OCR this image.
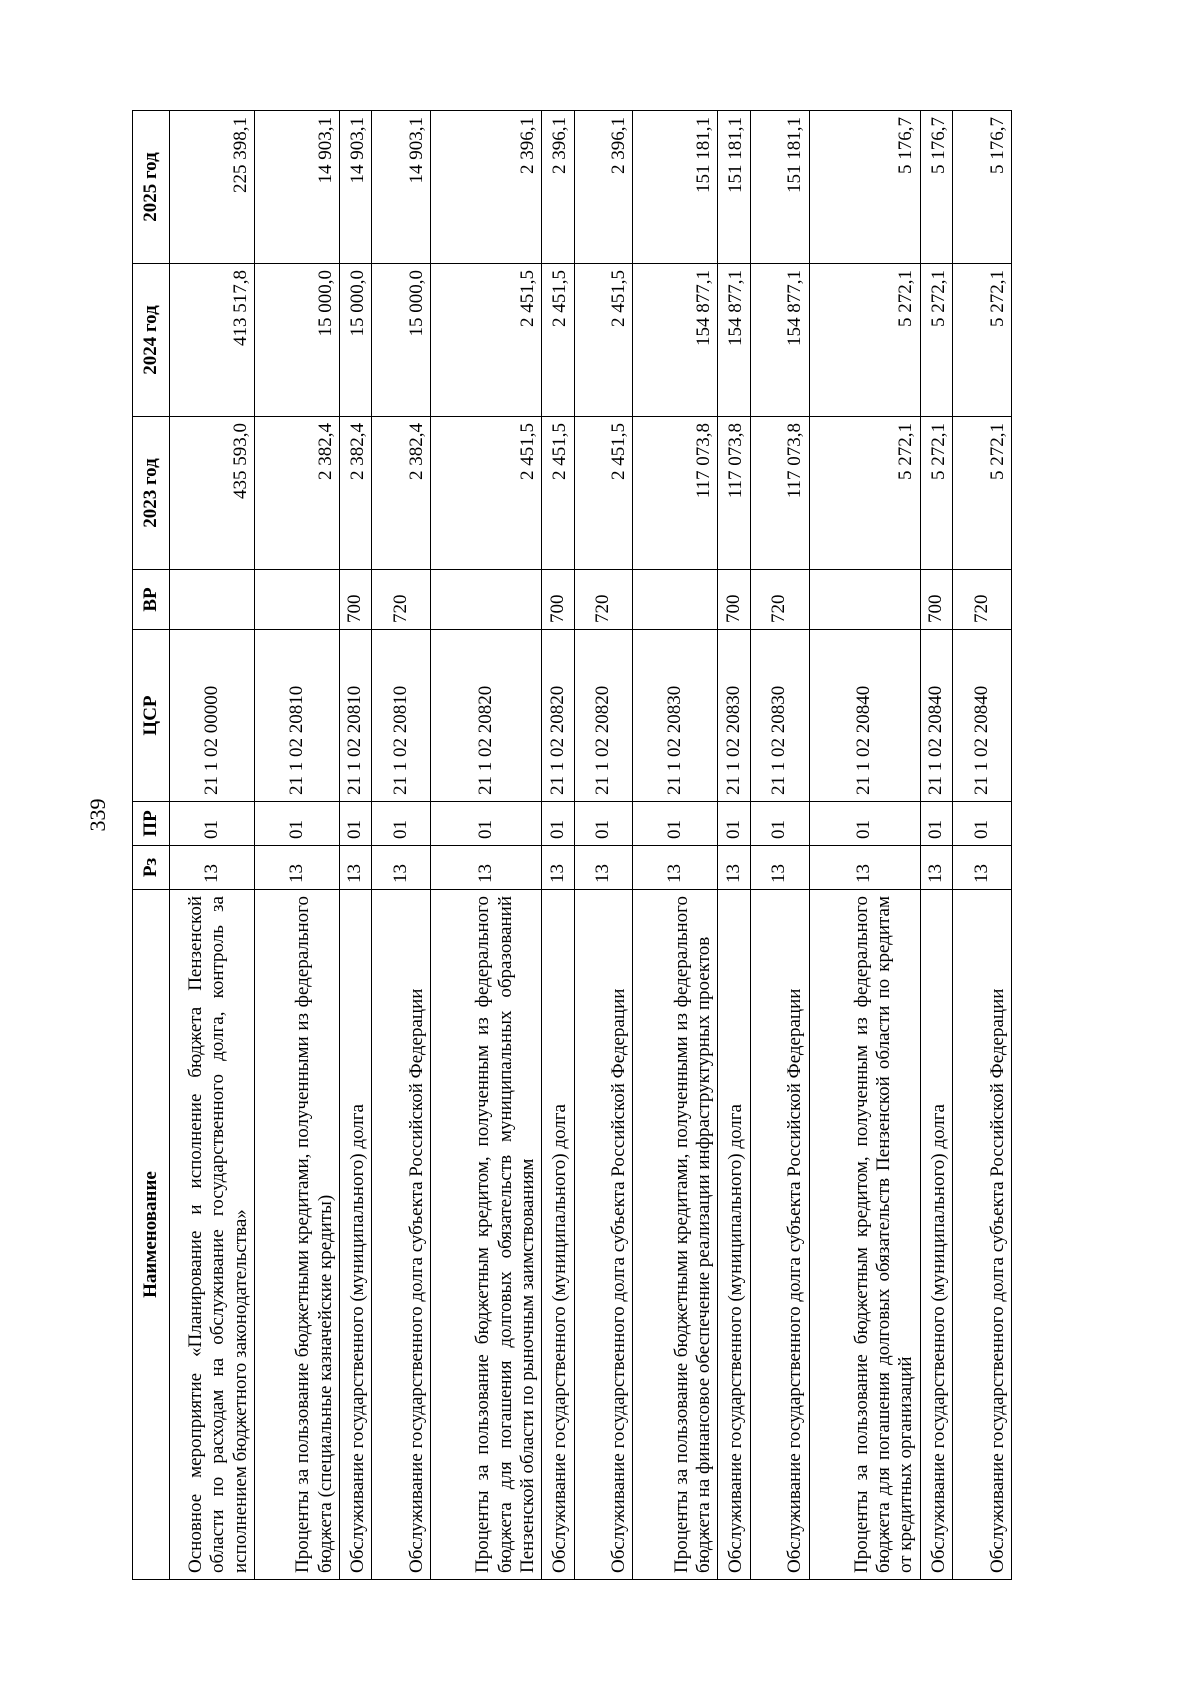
339
Наименование	Рз	ПР	ЦСР	ВР	2023 год	2024 год	2025 год
Основное мероприятие «Планирование и исполнение бюджета Пензенской области по расходам на обслуживание государственного долга, контроль за исполнением бюджетного законодательства»	13	01	21 1 02 00000		435 593,0	413 517,8	225 398,1
Проценты за пользование бюджетными кредитами, полученными из федерального бюджета (специальные казначейские кредиты)	13	01	21 1 02 20810		2 382,4	15 000,0	14 903,1
Обслуживание государственного (муниципального) долга	13	01	21 1 02 20810	700	2 382,4	15 000,0	14 903,1
Обслуживание государственного долга субъекта Российской Федерации	13	01	21 1 02 20810	720	2 382,4	15 000,0	14 903,1
Проценты за пользование бюджетным кредитом, полученным из федерального бюджета для погашения долговых обязательств муниципальных образований Пензенской области по рыночным заимствованиям	13	01	21 1 02 20820		2 451,5	2 451,5	2 396,1
Обслуживание государственного (муниципального) долга	13	01	21 1 02 20820	700	2 451,5	2 451,5	2 396,1
Обслуживание государственного долга субъекта Российской Федерации	13	01	21 1 02 20820	720	2 451,5	2 451,5	2 396,1
Проценты за пользование бюджетными кредитами, полученными из федерального бюджета на финансовое обеспечение реализации инфраструктурных проектов	13	01	21 1 02 20830		117 073,8	154 877,1	151 181,1
Обслуживание государственного (муниципального) долга	13	01	21 1 02 20830	700	117 073,8	154 877,1	151 181,1
Обслуживание государственного долга субъекта Российской Федерации	13	01	21 1 02 20830	720	117 073,8	154 877,1	151 181,1
Проценты за пользование бюджетным кредитом, полученным из федерального бюджета для погашения долговых обязательств Пензенской области по кредитам от кредитных организаций	13	01	21 1 02 20840		5 272,1	5 272,1	5 176,7
Обслуживание государственного (муниципального) долга	13	01	21 1 02 20840	700	5 272,1	5 272,1	5 176,7
Обслуживание государственного долга субъекта Российской Федерации	13	01	21 1 02 20840	720	5 272,1	5 272,1	5 176,7
